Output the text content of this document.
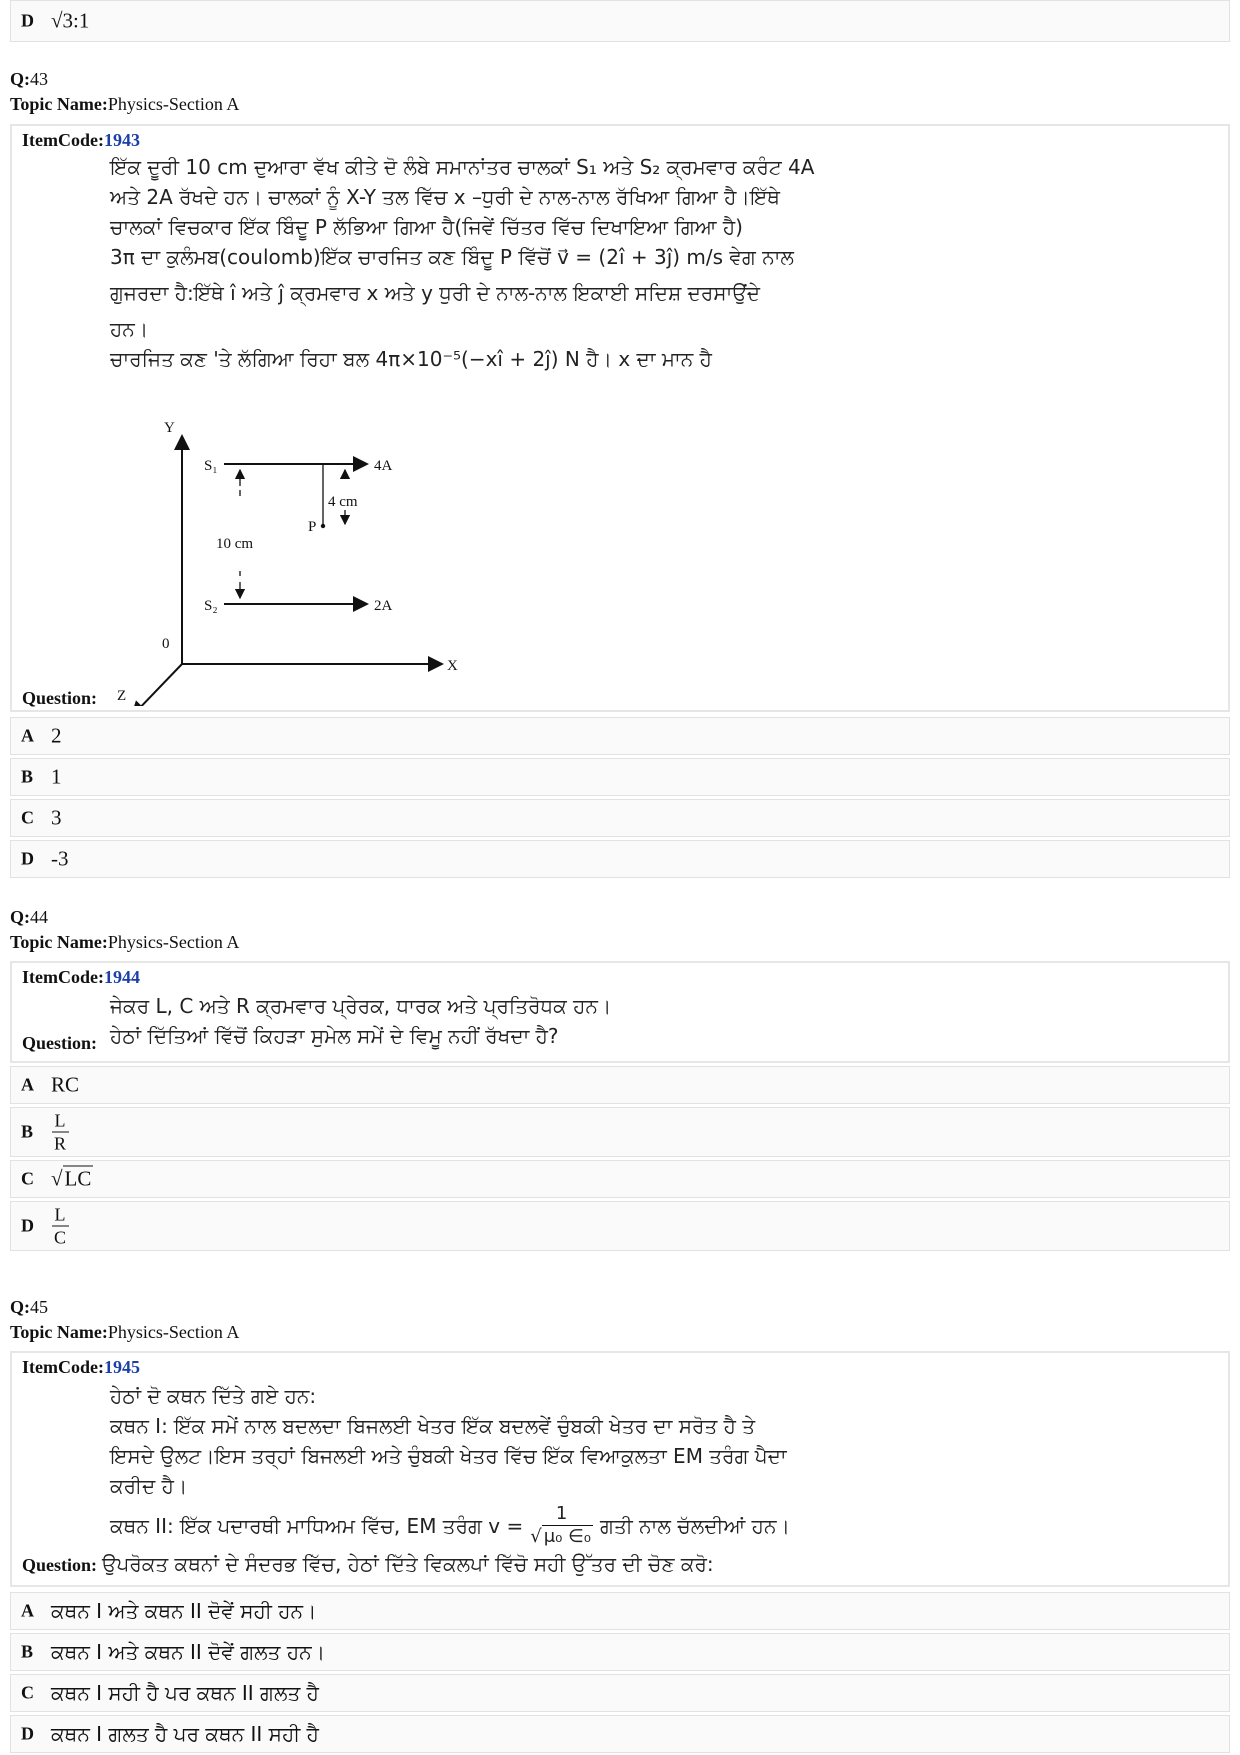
D √3:1
Q:43
Topic Name:Physics-Section A
ItemCode:1943
ਇੱਕ ਦੂਰੀ 10 cm ਦੁਆਰਾ ਵੱਖ ਕੀਤੇ ਦੋ ਲੰਬੇ ਸਮਾਨਾਂਤਰ ਚਾਲਕਾਂ S₁ ਅਤੇ S₂ ਕ੍ਰਮਵਾਰ ਕਰੰਟ 4A
ਅਤੇ 2A ਰੱਖਦੇ ਹਨ। ਚਾਲਕਾਂ ਨੂੰ X-Y ਤਲ ਵਿੱਚ x –ਧੁਰੀ ਦੇ ਨਾਲ-ਨਾਲ ਰੱਖਿਆ ਗਿਆ ਹੈ।ਇੱਥੇ
ਚਾਲਕਾਂ ਵਿਚਕਾਰ ਇੱਕ ਬਿੰਦੂ P ਲੱਭਿਆ ਗਿਆ ਹੈ(ਜਿਵੇਂ ਚਿੱਤਰ ਵਿੱਚ ਦਿਖਾਇਆ ਗਿਆ ਹੈ)
3π ਦਾ ਕੁਲੰਮਬ(coulomb)ਇੱਕ ਚਾਰਜਿਤ ਕਣ ਬਿੰਦੂ P ਵਿੱਚੋਂ v⃗ = (2î + 3ĵ) m/s ਵੇਗ ਨਾਲ
ਗੁਜਰਦਾ ਹੈ:ਇੱਥੇ î ਅਤੇ ĵ ਕ੍ਰਮਵਾਰ x ਅਤੇ y ਧੁਰੀ ਦੇ ਨਾਲ-ਨਾਲ ਇਕਾਈ ਸਦਿਸ਼ ਦਰਸਾਉਂਦੇ
ਹਨ।
ਚਾਰਜਿਤ ਕਣ 'ਤੇ ਲੱਗਿਆ ਰਿਹਾ ਬਲ 4π×10⁻⁵(−xî + 2ĵ) N ਹੈ। x ਦਾ ਮਾਨ ਹੈ
Y
X
Z
0
S₁
S₂
4A
2A
10 cm
4 cm
P
Question:
A 2
B 1
C 3
D -3
Q:44
Topic Name:Physics-Section A
ItemCode:1944
ਜੇਕਰ L, C ਅਤੇ R ਕ੍ਰਮਵਾਰ ਪ੍ਰੇਰਕ, ਧਾਰਕ ਅਤੇ ਪ੍ਰਤਿਰੋਧਕ ਹਨ।
ਹੇਠਾਂ ਦਿੱਤਿਆਂ ਵਿੱਚੋਂ ਕਿਹੜਾ ਸੁਮੇਲ ਸਮੇਂ ਦੇ ਵਿਮੂ ਨਹੀਂ ਰੱਖਦਾ ਹੈ?
Question:
A RC
B $\frac{L}{R}$
C √LC
D $\frac{L}{C}$
Q:45
Topic Name:Physics-Section A
ItemCode:1945
ਹੇਠਾਂ ਦੋ ਕਥਨ ਦਿੱਤੇ ਗਏ ਹਨ:
ਕਥਨ I: ਇੱਕ ਸਮੇਂ ਨਾਲ ਬਦਲਦਾ ਬਿਜਲਈ ਖੇਤਰ ਇੱਕ ਬਦਲਵੇਂ ਚੁੰਬਕੀ ਖੇਤਰ ਦਾ ਸਰੋਤ ਹੈ ਤੇ
ਇਸਦੇ ਉਲਟ।ਇਸ ਤਰ੍ਹਾਂ ਬਿਜਲਈ ਅਤੇ ਚੁੰਬਕੀ ਖੇਤਰ ਵਿੱਚ ਇੱਕ ਵਿਆਕੁਲਤਾ EM ਤਰੰਗ ਪੈਦਾ
ਕਰੀਦ ਹੈ।
ਕਥਨ II: ਇੱਕ ਪਦਾਰਥੀ ਮਾਧਿਅਮ ਵਿੱਚ, EM ਤਰੰਗ $v = \frac{1}{\text{√ μ₀ ∈₀}}$ ਗਤੀ ਨਾਲ ਚੱਲਦੀਆਂ ਹਨ।
Question: ਉਪਰੋਕਤ ਕਥਨਾਂ ਦੇ ਸੰਦਰਭ ਵਿੱਚ, ਹੇਠਾਂ ਦਿੱਤੇ ਵਿਕਲਪਾਂ ਵਿੱਚੋ ਸਹੀ ਉੱਤਰ ਦੀ ਚੋਣ ਕਰੋ:
A ਕਥਨ I ਅਤੇ ਕਥਨ II ਦੋਵੇਂ ਸਹੀ ਹਨ।
B ਕਥਨ I ਅਤੇ ਕਥਨ II ਦੋਵੇਂ ਗਲਤ ਹਨ।
C ਕਥਨ I ਸਹੀ ਹੈ ਪਰ ਕਥਨ II ਗਲਤ ਹੈ
D ਕਥਨ I ਗਲਤ ਹੈ ਪਰ ਕਥਨ II ਸਹੀ ਹੈ
